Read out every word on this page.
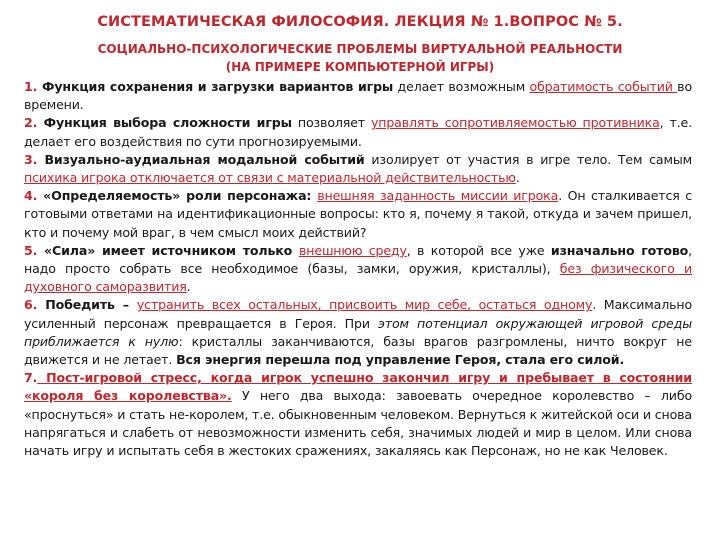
СИСТЕМАТИЧЕСКАЯ ФИЛОСОФИЯ. ЛЕКЦИЯ № 1.ВОПРОС № 5.
СОЦИАЛЬНО-ПСИХОЛОГИЧЕСКИЕ ПРОБЛЕМЫ ВИРТУАЛЬНОЙ РЕАЛЬНОСТИ
(НА ПРИМЕРЕ КОМПЬЮТЕРНОЙ ИГРЫ)

1. Функция сохранения и загрузки вариантов игры делает возможным обратимость событий во времени.

2. Функция выбора сложности игры позволяет управлять сопротивляемостью противника, т.е. делает его воздействия по сути прогнозируемыми.

3. Визуально-аудиальная модальной событий изолирует от участия в игре тело. Тем самым психика игрока отключается от связи с материальной действительностью.

4. «Определяемость» роли персонажа: внешняя заданность миссии игрока. Он сталкивается с готовыми ответами на идентификационные вопросы: кто я, почему я такой, откуда и зачем пришел, кто и почему мой враг, в чем смысл моих действий?

5. «Сила» имеет источником только внешнюю среду, в которой все уже изначально готово, надо просто собрать все необходимое (базы, замки, оружия, кристаллы), без физического и духовного саморазвития.

6. Победить – устранить всех остальных, присвоить мир себе, остаться одному. Максимально усиленный персонаж превращается в Героя. При этом потенциал окружающей игровой среды приближается к нулю: кристаллы заканчиваются, базы врагов разгромлены, ничто вокруг не движется и не летает. Вся энергия перешла под управление Героя, стала его силой.

7. Пост-игровой стресс, когда игрок успешно закончил игру и пребывает в состоянии «короля без королевства». У него два выхода: завоевать очередное королевство – либо «проснуться» и стать не-королем, т.е. обыкновенным человеком. Вернуться к житейской оси и снова напрягаться и слабеть от невозможности изменить себя, значимых людей и мир в целом. Или снова начать игру и испытать себя в жестоких сражениях, закаляясь как Персонаж, но не как Человек.
